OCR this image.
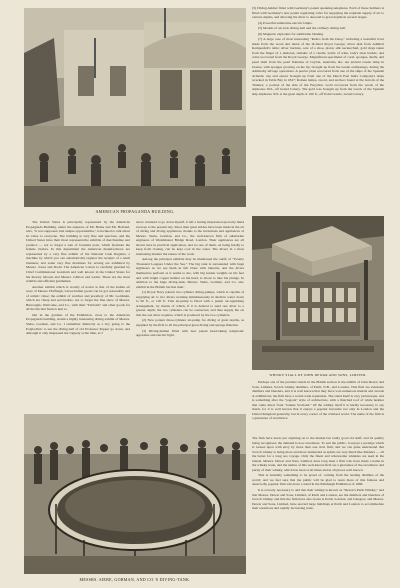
AMERICAN PROPAGANDA BUILDING.

(3) Diving-helmet fitted with Germany's patent speaking-telephone. Each of these helmets is fitted with Germany's new patent regulating valve for supplying the requisite supply of air to various depths, and allowing the diver to descend to great depths in several stages.

(4) Powerful submarine electric lamps.

(5) Models of air-lock diving-bell and the ordinary diving-bell.

(6) Magnetic exploders for submarine blasting.

(7) A large case of most interesting "Relics from the Deep," including a beautiful bowl made from the wood and metal of the ill-fated Royal George; silver dish from Admiral Kempenfelt's table; silver buckles, sole of a shoe, pistol, silk neckerchief, gold rings taken from the finger of a skeleton, remains of a candle, bottle of wine, lady's shoe buckle, and coins recovered from the Royal George. Magnificent specimens of coral, sponges, shells, and pearl shell from the pearl fisheries of Ceylon, Australia, &c. An ancient Greek lamp in bronze, with sponges growing on the lip, brought up from the Greek archipelago, during the Admiralty salvage operations. A pewter plate recovered from one of the ships of the Spanish Armada; cup and saucer brought up from one of the Dutch East India Company's ships wrecked in Table Bay in 1847; Roman lamps, sword, and anchors found at the bottom of the Thames; a portion of the side of the Eurydice. Gold recovered from the wreck of the Alphonso XII., off Grand Canary. The gold was brought up from the wreck of the Spanish ship Alphonso XII. at the great depth of 160 ft., off Point Gando, Grand Canary.

The United States is principally represented by the American Propaganda Building, under the auspices of Mr. Burke and Mr. Holland, who, "it was supposed, had unique opportunities," is inclined to talk about its value to everyone. The building is very fine and spacious, and the United States have their most representative exhibits of merchandise and produce — not to forget a sale of fountain pens, which fascinate the female visitors. In this department the American manufacturers are represented by a very fine exhibit of the National Cash Register, a machine by which you can automatically register the receipts of a retail business; and some very fine machines for sewing are exhibited by Messrs. Jones and Dodd. The American Cotton is carefully guarded by Chief Commissioner Gresham and well known in the United States for his literary labours and Messrs. Gibbon and Leslie. These are the most reliable and efficient gentlemen.

Another exhibit which is worthy of notice is that of the Indian art ware of Messrs. Hoffnagh, whose Indian goods can be got reasonably and of artistic value; the exhibit of watches and jewellery of Mr. Goldstein, which are cheap and serviceable, not to forget the fine show of Messrs. Burroughs, Wellcome, and Co., with their "Tabloids" and other goods for all the ills that flesh is heir to.

Out in the gardens of the Exhibition, close to the American Propaganda building, stands a highly interesting diving exhibit of Messrs. Siebe, Gorman, and Co. I remember distinctly as a boy going to the Polytechnic to see the diving-bell of old Professor Pepper go down, and although it only impressed me vaguely at the time, as I

never ventured to go down myself, it left a lasting impression upon my mind even up to the present day. Since then great strides have been made in the art of diving and diving appliances, thanks to the inventions and appliances of Messrs. Siebe, Gorman, and Co., the well-known firm of submarine engineers of Westminster Bridge Road, London. Their appliances are all shown here in practical application, and no one of them, on being hardly to keep from closing, can be kept cool in the water. The divers in a most interesting manner the nature of the work.

Among the principal exhibits may be mentioned the outfit of "Twenty Thousand Leagues Under the Sea." The big tank is surrounded with huge sightseers as we see them in full blaze with lanterns, and the divers themselves perform as it seems to me, with big leaden weights on his feet and with bright copper helmet on his head, is about to take his plunge. In addition to the huge diving-tank, Messrs. Siebe, Gorman, and Co. also exhibit in the British Section their:

(1) Royal Navy pattern two-cylinder diving-pumps, which is capable of supplying air to two divers working simultaneously in shallow water down to 90 ft., or 120 ft. This air-pump is fitted with a patent air-regulating arrangement, by means of which, if it is desired to send one diver to a greater depth, the two cylinders can be connected, and thus supply the air that the one diver requires, which is produced by the two cylinders.

(2) New pattern three-cylinder air-pump for diving at great depths, as supplied by the firm to all the principal great diving and sponge fisheries.

(3) Diving-helmet fitted with new patent head-taking telephonic apparatus and electric light.

WHISKY STALL OF JOHN DEWAR AND SONS, LIMITED.
MESSRS. SIEBE, GORMAN, AND CO.'S DIVING-TANK.

Perhaps one of the prettiest stands in the British section is the exhibit of John Dewar and Sons, Limited, Scotch whisky distillers, of Perth, N.B., and London. This firm are extensive distillers and blenders, and it is well known that they have won numerous medals and awards at exhibitions; the firm have a world-wide reputation. The stand itself is very picturesque, and is something after the "pagoda" style of architecture, with a thatched roof of white heather that came direct from "bonnie Scotland." Of the whisky itself it is hardly necessary to say much, for it is well known that it enjoys a popular favourite not only in London and the United Kingdom generally, but in every corner of the civilised world. The name of the firm is a guarantee of excellence.

The firm have never put anything on to the market but really good old stuff, and its quality being recognised, the demand is now enormous. To suit the public, it enjoys a prestige which is looked upon with envy by more than one rival firm; and we can quite understand that Scotch whisky is being more and more demanded as spirits are very much like Madeira — all the better for a long sea voyage. Only the finest and wholesome whiskies are used in the blends. Messrs. Dewar and Sons, Limited, have long been a firm who have made a name in the whisky trade, and the names of this well-known firm are a guarantee of the excellence and purity of their whisky, which has been at all times and in all places well known.

This is naturally something to be proud of, coming from the leading distillers of the world; and we feel sure that the public will be glad to learn more of this famous and deservedly popular firm who have a stand in the Edinburgh Exhibition of 1890.

It is scarcely necessary to add that their whisky is known as "Dewar's Perth Whisky," and that Messrs. Dewar and Sons, Limited, of Perth and London, are the distillers and blenders of Scotch whisky, and that the firm have also stores at Perth, London, and Glasgow, and Messrs. Dewar and Sons, Limited, have erected large buildings at Perth and London to accommodate their enormous and rapidly increasing trade.
